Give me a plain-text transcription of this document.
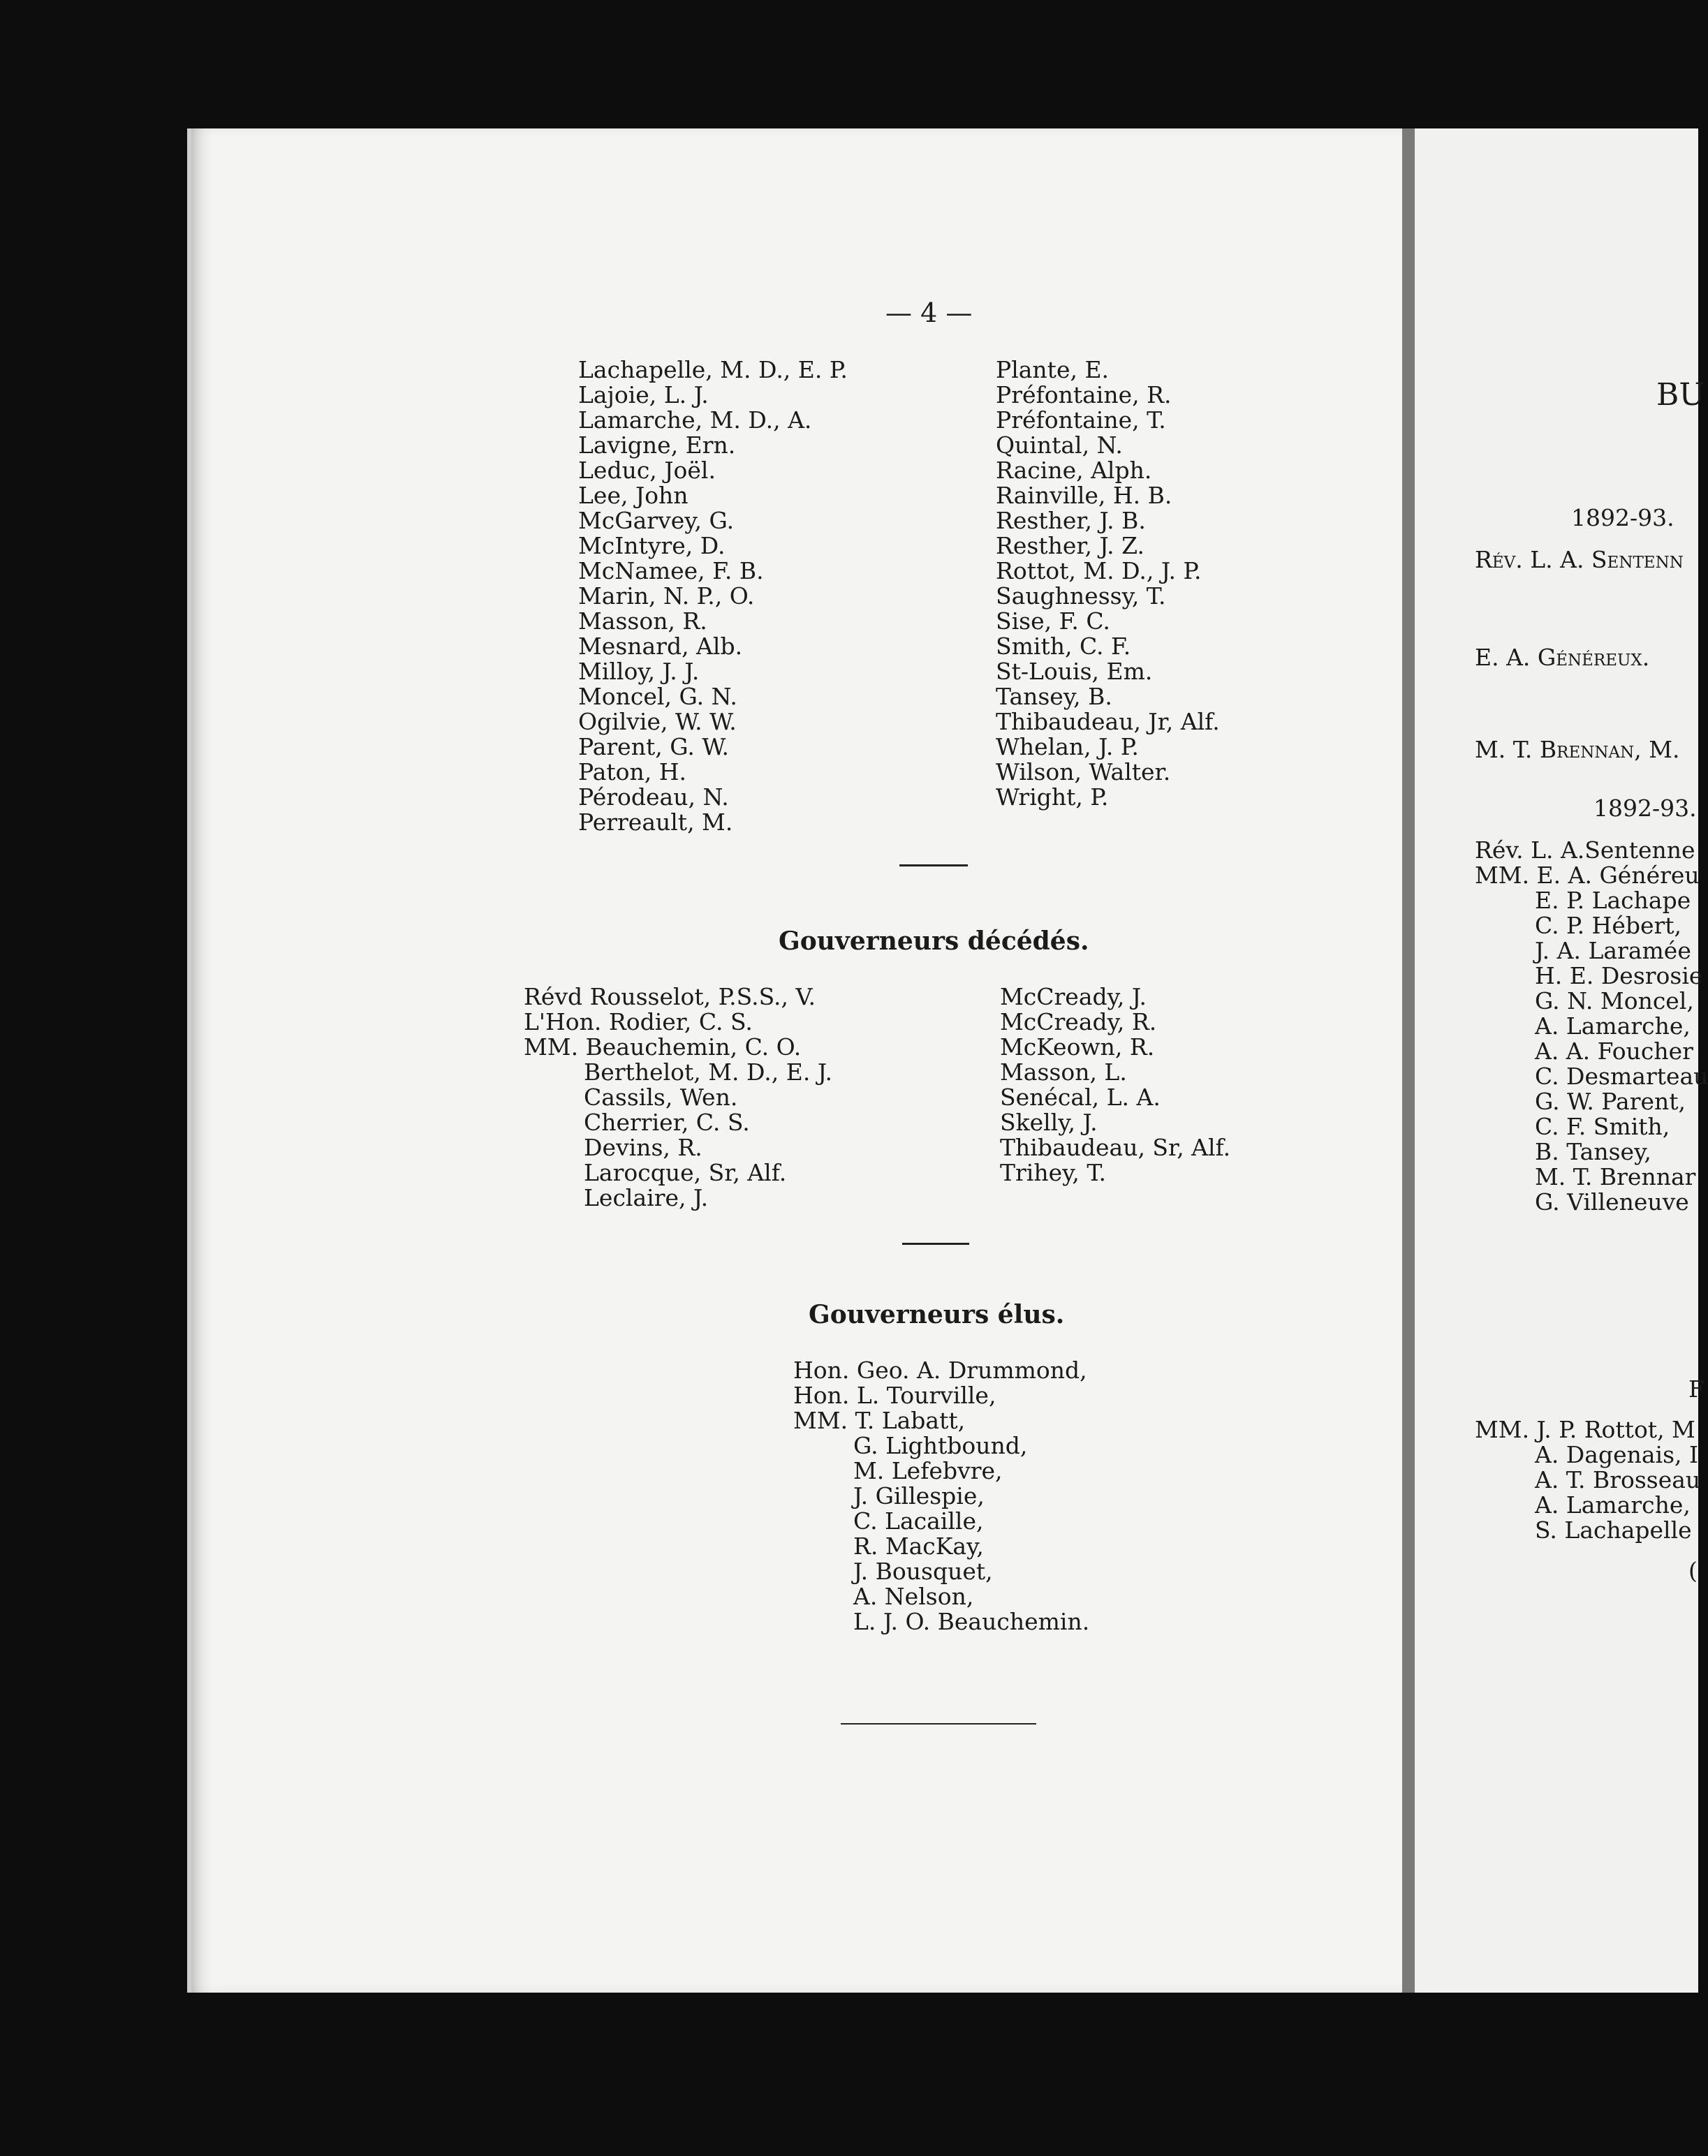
— 4 —
Lachapelle, M. D., E. P.
Lajoie, L. J.
Lamarche, M. D., A.
Lavigne, Ern.
Leduc, Joël.
Lee, John
McGarvey, G.
McIntyre, D.
McNamee, F. B.
Marin, N. P., O.
Masson, R.
Mesnard, Alb.
Milloy, J. J.
Moncel, G. N.
Ogilvie, W. W.
Parent, G. W.
Paton, H.
Pérodeau, N.
Perreault, M.
Plante, E.
Préfontaine, R.
Préfontaine, T.
Quintal, N.
Racine, Alph.
Rainville, H. B.
Resther, J. B.
Resther, J. Z.
Rottot, M. D., J. P.
Saughnessy, T.
Sise, F. C.
Smith, C. F.
St-Louis, Em.
Tansey, B.
Thibaudeau, Jr, Alf.
Whelan, J. P.
Wilson, Walter.
Wright, P.
Gouverneurs décédés.
Révd Rousselot, P.S.S., V.
L'Hon. Rodier, C. S.
MM. Beauchemin, C. O.
Berthelot, M. D., E. J.
Cassils, Wen.
Cherrier, C. S.
Devins, R.
Larocque, Sr, Alf.
Leclaire, J.
McCready, J.
McCready, R.
McKeown, R.
Masson, L.
Senécal, L. A.
Skelly, J.
Thibaudeau, Sr, Alf.
Trihey, T.
Gouverneurs élus.
Hon. Geo. A. Drummond,
Hon. L. Tourville,
MM. T. Labatt,
G. Lightbound,
M. Lefebvre,
J. Gillespie,
C. Lacaille,
R. MacKay,
J. Bousquet,
A. Nelson,
L. J. O. Beauchemin.
BU
1892-93.
Rév. L. A. Sentenn
E. A. Généreux.
M. T. Brennan, M.
1892-93.
Rév. L. A.Sentenne
MM. E. A. Généreu
E. P. Lachape
C. P. Hébert,
J. A. Laramée
H. E. Desrosie
G. N. Moncel,
A. Lamarche,
A. A. Foucher
C. Desmarteau
G. W. Parent,
C. F. Smith,
B. Tansey,
M. T. Brennar
G. Villeneuve
F
MM. J. P. Rottot, M
A. Dagenais, I
A. T. Brosseau
A. Lamarche,
S. Lachapelle
(
